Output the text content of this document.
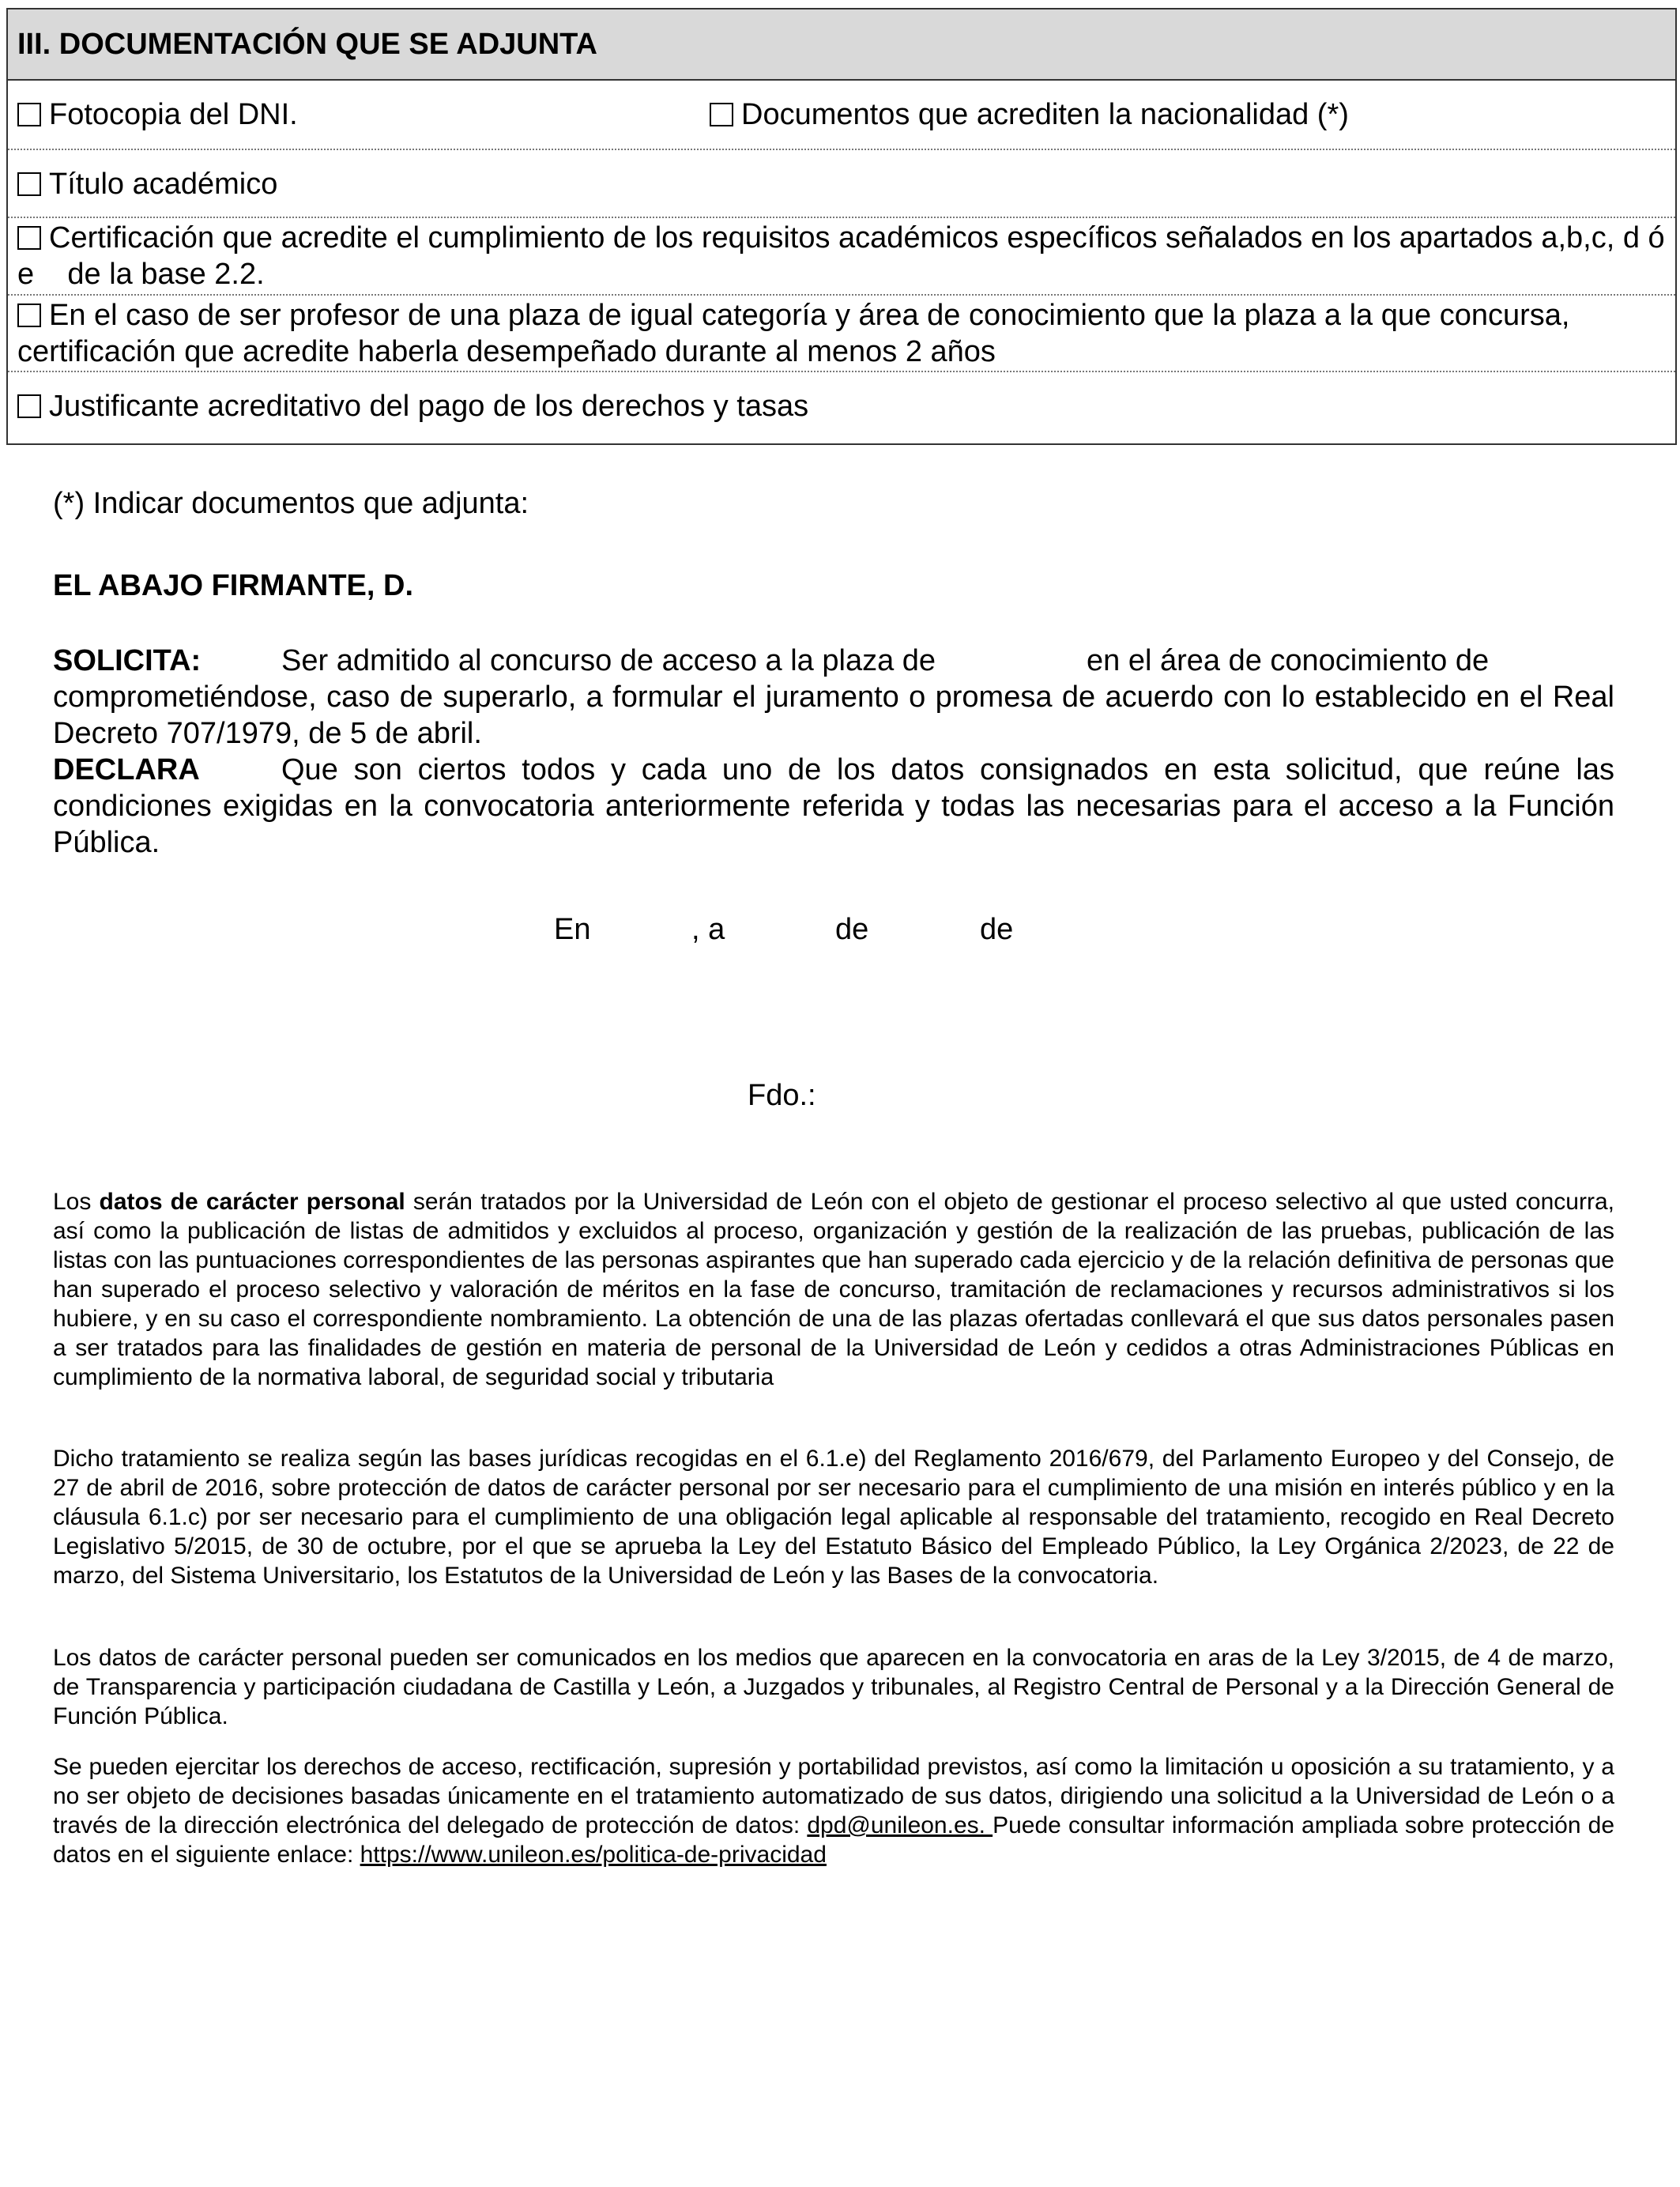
III. DOCUMENTACIÓN QUE SE ADJUNTA
Fotocopia del DNI.	Documentos que acrediten la nacionalidad (*)
Título académico
Certificación que acredite el cumplimiento de los requisitos académicos específicos señalados en los apartados a,b,c, d ó e    de la base 2.2.
En el caso de ser profesor de una plaza de igual categoría y área de conocimiento que la plaza a la que concursa, certificación que acredite haberla desempeñado durante al menos 2 años
Justificante acreditativo del pago de los derechos y tasas
(*) Indicar documentos que adjunta:
EL ABAJO FIRMANTE, D.
SOLICITA:	Ser admitido al concurso de acceso a la plaza de	en el área de conocimiento de
comprometiéndose, caso de superarlo, a formular el juramento o promesa de acuerdo con lo establecido en el Real Decreto 707/1979, de 5 de abril.
DECLARA	Que son ciertos todos y cada uno de los datos consignados en esta solicitud, que reúne las condiciones exigidas en la convocatoria anteriormente referida y todas las necesarias para el acceso a la Función Pública.
En	, a	de	de
Fdo.:
Los datos de carácter personal serán tratados por la Universidad de León con el objeto de gestionar el proceso selectivo al que usted concurra, así como la publicación de listas de admitidos y excluidos al proceso, organización y gestión de la realización de las pruebas, publicación de las listas con las puntuaciones correspondientes de las personas aspirantes que han superado cada ejercicio y de la relación definitiva de personas que han superado el proceso selectivo y valoración de méritos en la fase de concurso, tramitación de reclamaciones y recursos administrativos si los hubiere, y en su caso el correspondiente nombramiento. La obtención de una de las plazas ofertadas conllevará el que sus datos personales pasen a ser tratados para las finalidades de gestión en materia de personal de la Universidad de León y cedidos a otras Administraciones Públicas en cumplimiento de la normativa laboral, de seguridad social y tributaria
Dicho tratamiento se realiza según las bases jurídicas recogidas en el 6.1.e) del Reglamento 2016/679, del Parlamento Europeo y del Consejo, de 27 de abril de 2016, sobre protección de datos de carácter personal por ser necesario para el cumplimiento de una misión en interés público y en la cláusula 6.1.c) por ser necesario para el cumplimiento de una obligación legal aplicable al responsable del tratamiento, recogido en Real Decreto Legislativo 5/2015, de 30 de octubre, por el que se aprueba la Ley del Estatuto Básico del Empleado Público, la Ley Orgánica 2/2023, de 22 de marzo, del Sistema Universitario, los Estatutos de la Universidad de León y las Bases de la convocatoria.
Los datos de carácter personal pueden ser comunicados en los medios que aparecen en la convocatoria en aras de la Ley 3/2015, de 4 de marzo, de Transparencia y participación ciudadana de Castilla y León, a Juzgados y tribunales, al Registro Central de Personal y a la Dirección General de Función Pública.
Se pueden ejercitar los derechos de acceso, rectificación, supresión y portabilidad previstos, así como la limitación u oposición a su tratamiento, y a no ser objeto de decisiones basadas únicamente en el tratamiento automatizado de sus datos, dirigiendo una solicitud a la Universidad de León o a través de la dirección electrónica del delegado de protección de datos: dpd@unileon.es. Puede consultar información ampliada sobre protección de datos en el siguiente enlace: https://www.unileon.es/politica-de-privacidad
